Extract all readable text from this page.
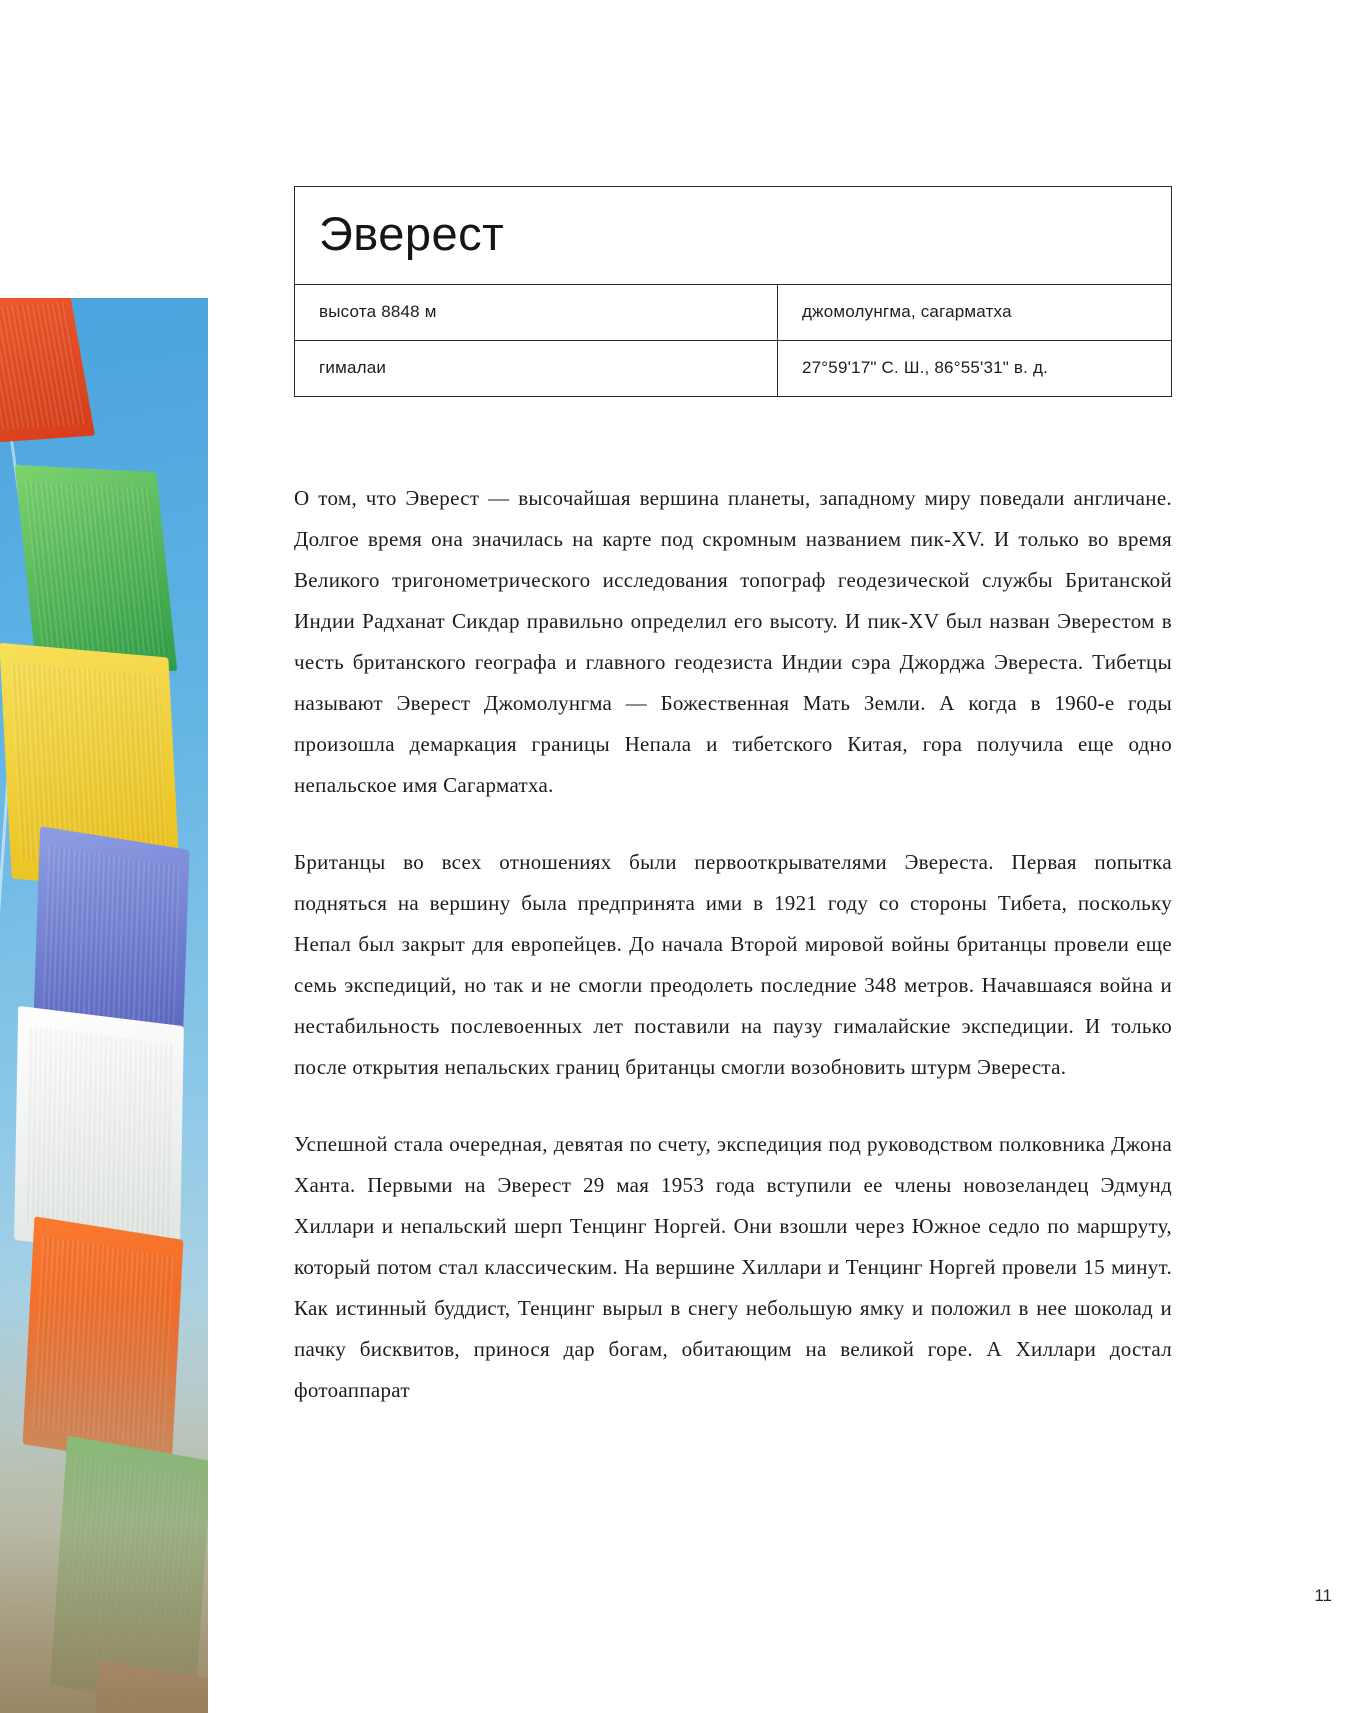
Эверест	

высота 8848 м	джомолунгма, сагарматха
гималаи	27°59'17" С. Ш., 86°55'31" в. д.

О том, что Эверест — высочайшая вершина планеты, западному миру поведали англичане. Долгое время она значилась на карте под скромным названием пик-XV. И только во время Великого тригонометрического исследования топограф геодезической службы Британской Индии Радханат Сикдар правильно определил его высоту. И пик-XV был назван Эверестом в честь британского географа и главного геодезиста Индии сэра Джорджа Эвереста. Тибетцы называют Эверест Джомолунгма — Божественная Мать Земли. А когда в 1960-е годы произошла демаркация границы Непала и тибетского Китая, гора получила еще одно непальское имя Сагарматха.

Британцы во всех отношениях были первооткрывателями Эвереста. Первая попытка подняться на вершину была предпринята ими в 1921 году со стороны Тибета, поскольку Непал был закрыт для европейцев. До начала Второй мировой войны британцы провели еще семь экспедиций, но так и не смогли преодолеть последние 348 метров. Начавшаяся война и нестабильность послевоенных лет поставили на паузу гималайские экспедиции. И только после открытия непальских границ британцы смогли возобновить штурм Эвереста.

Успешной стала очередная, девятая по счету, экспедиция под руководством полковника Джона Ханта. Первыми на Эверест 29 мая 1953 года вступили ее члены новозеландец Эдмунд Хиллари и непальский шерп Тенцинг Норгей. Они взошли через Южное седло по маршруту, который потом стал классическим. На вершине Хиллари и Тенцинг Норгей провели 15 минут. Как истинный буддист, Тенцинг вырыл в снегу небольшую ямку и положил в нее шоколад и пачку бисквитов, принося дар богам, обитающим на великой горе. А Хиллари достал фотоаппарат

11
